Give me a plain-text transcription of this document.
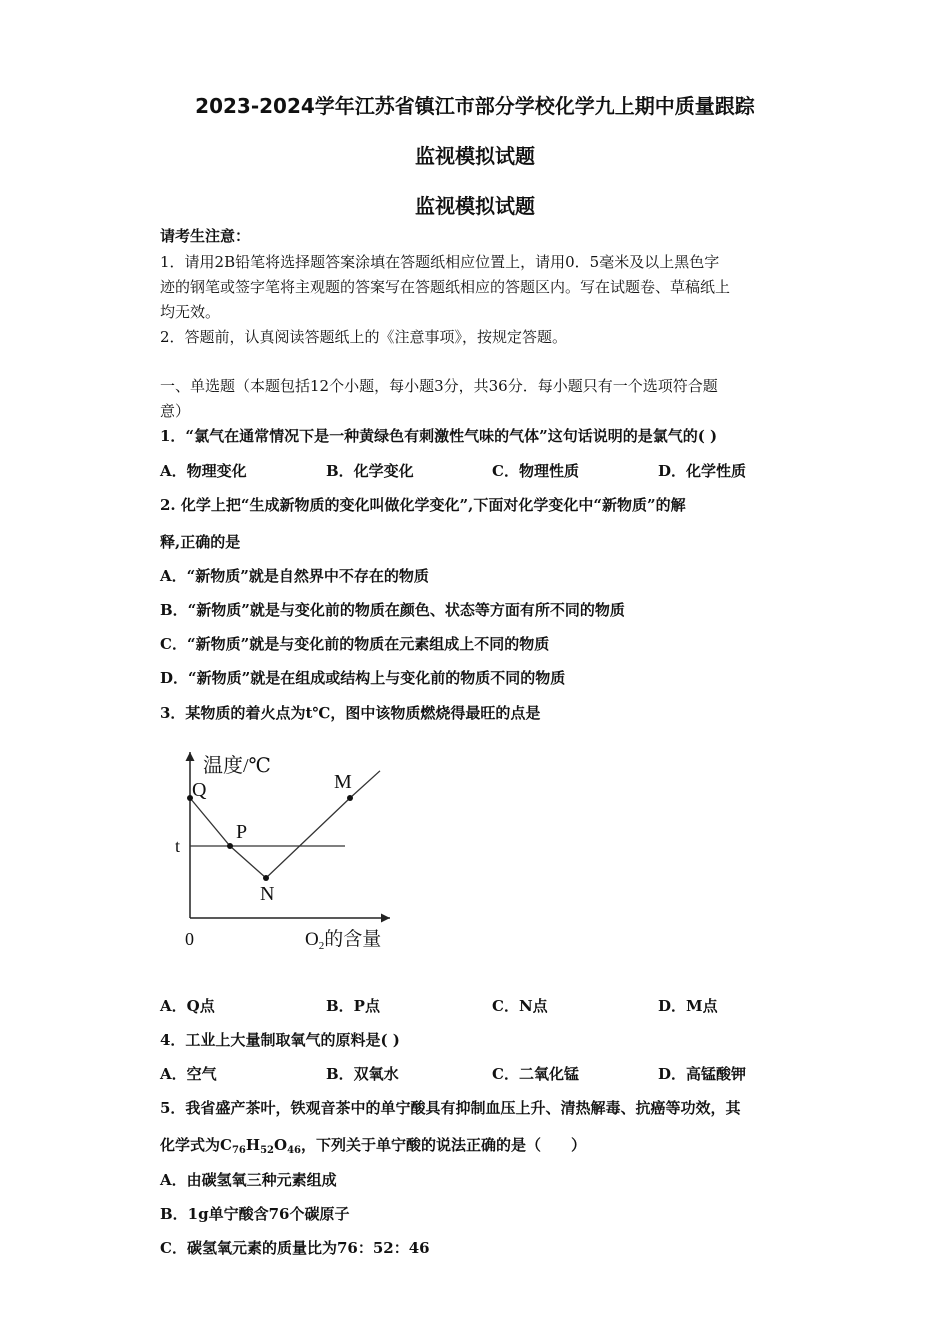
2023-2024学年江苏省镇江市部分学校化学九上期中质量跟踪
监视模拟试题
监视模拟试题
请考生注意：
1．请用2B铅笔将选择题答案涂填在答题纸相应位置上，请用0．5毫米及以上黑色字
迹的钢笔或签字笔将主观题的答案写在答题纸相应的答题区内。写在试题卷、草稿纸上
均无效。
2．答题前，认真阅读答题纸上的《注意事项》，按规定答题。
一、单选题（本题包括12个小题，每小题3分，共36分．每小题只有一个选项符合题
意）
1．“氯气在通常情况下是一种黄绿色有刺激性气味的气体”这句话说明的是氯气的( )
A．物理变化	B．化学变化	C．物理性质	D．化学性质
2. 化学上把“生成新物质的变化叫做化学变化”,下面对化学变化中“新物质”的解
释,正确的是
A．“新物质”就是自然界中不存在的物质
B．“新物质”就是与变化前的物质在颜色、状态等方面有所不同的物质
C．“新物质”就是与变化前的物质在元素组成上不同的物质
D．“新物质”就是在组成或结构上与变化前的物质不同的物质
3．某物质的着火点为t℃，图中该物质燃烧得最旺的点是
Q
P
N
M
温度/℃
t
0	$O_2$的含量
A．Q点	B．P点	C．N点	D．M点
4．工业上大量制取氧气的原料是( )
A．空气	B．双氧水	C．二氧化锰	D．高锰酸钾
5．我省盛产茶叶，铁观音茶中的单宁酸具有抑制血压上升、清热解毒、抗癌等功效，其
化学式为$C_{76}H_{52}O_{46}$，下列关于单宁酸的说法正确的是（　　）
A．由碳氢氧三种元素组成
B．1g单宁酸含76个碳原子
C．碳氢氧元素的质量比为76：52：46
